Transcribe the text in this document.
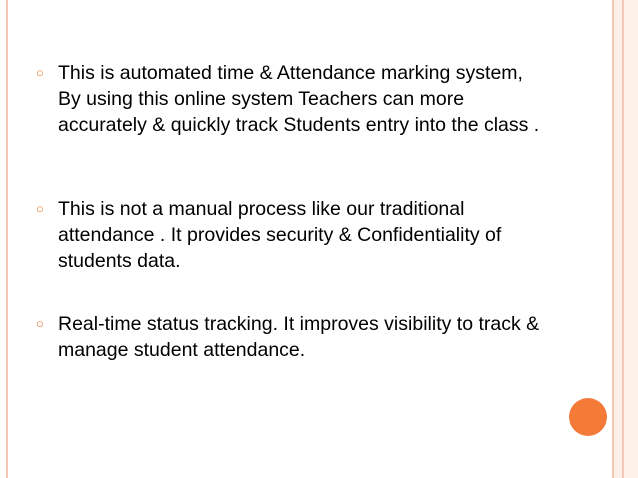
○ This is automated time & Attendance marking system, By using this online system Teachers can more accurately & quickly track Students entry into the class .
○ This is not a manual process like our traditional attendance . It provides security & Confidentiality of students data.
○ Real-time status tracking. It improves visibility to track & manage student attendance.
